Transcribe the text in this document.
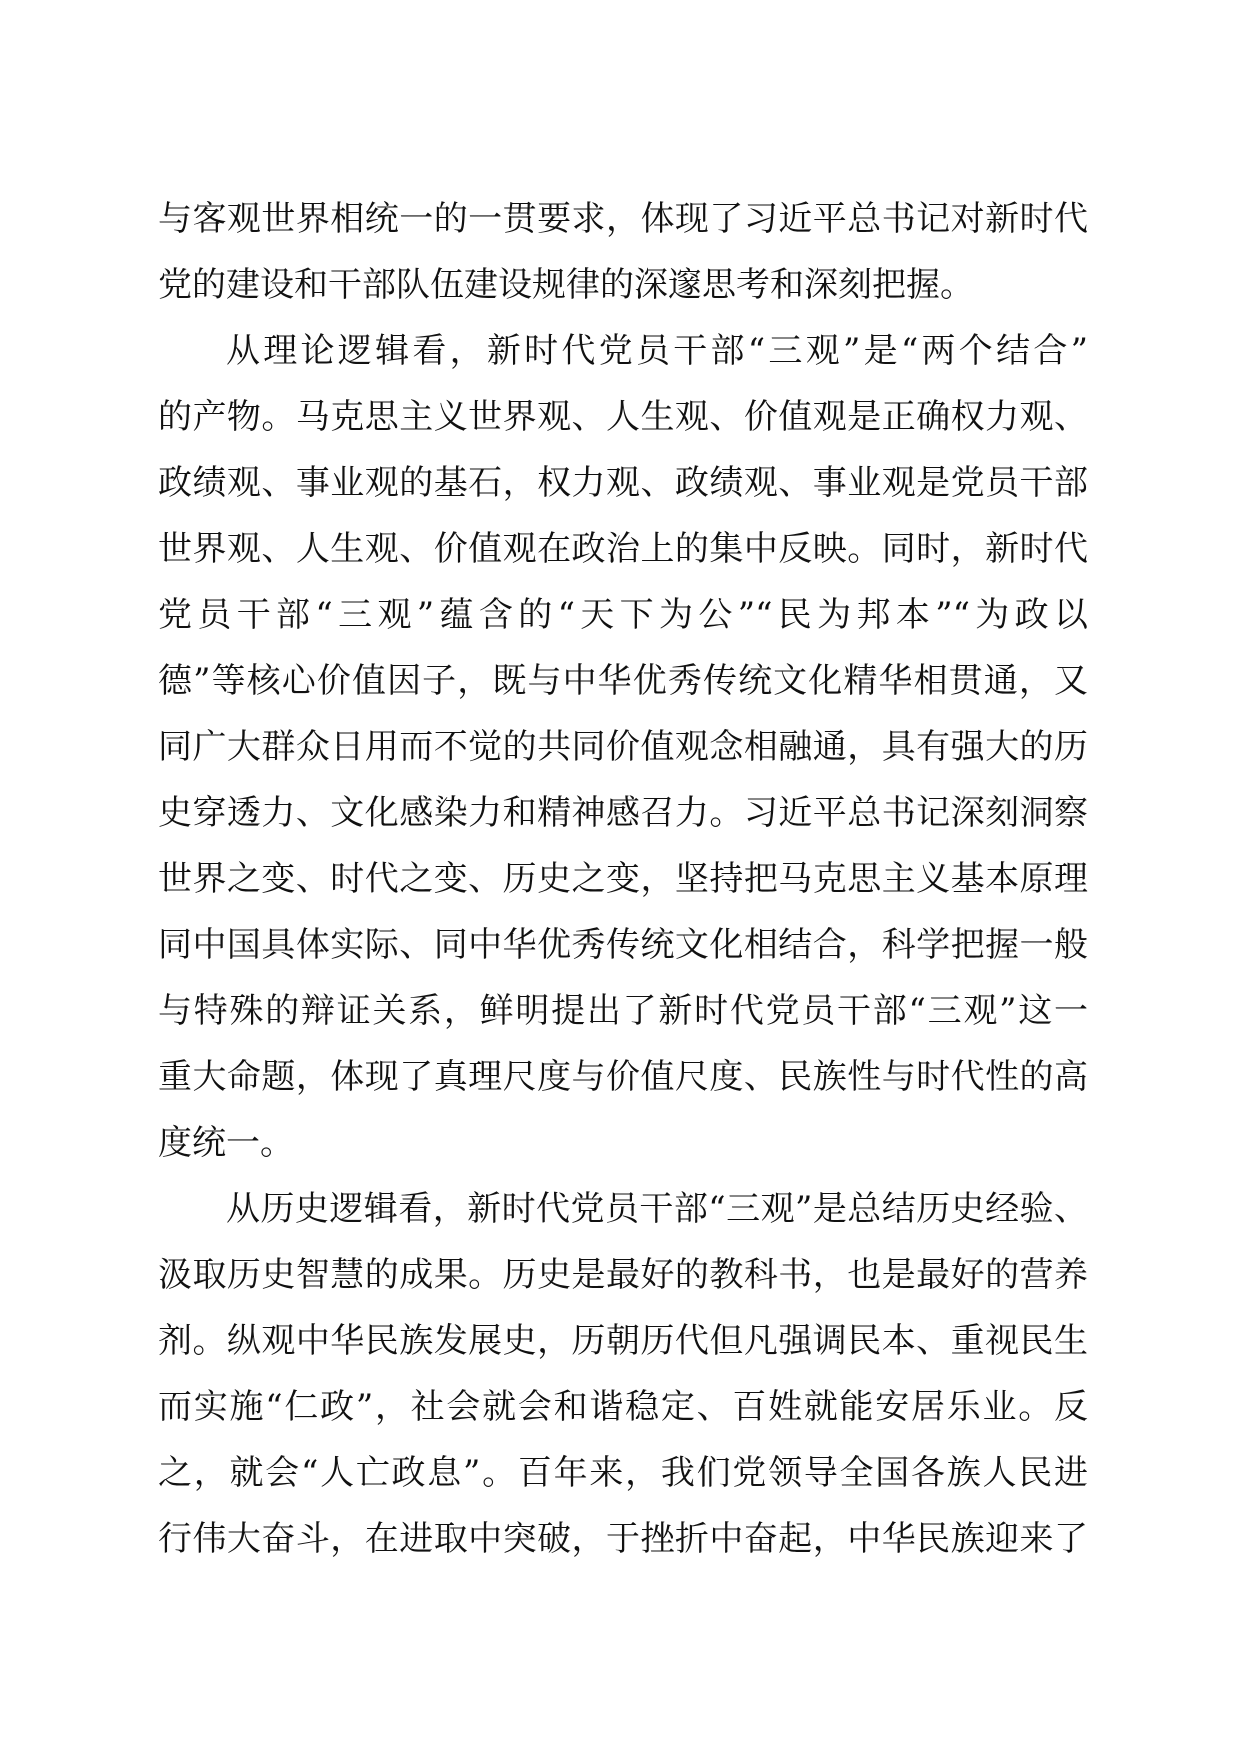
与客观世界相统一的一贯要求，体现了习近平总书记对新时代
党的建设和干部队伍建设规律的深邃思考和深刻把握。
从理论逻辑看，新时代党员干部“三观”是“两个结合”
的产物。马克思主义世界观、人生观、价值观是正确权力观、
政绩观、事业观的基石，权力观、政绩观、事业观是党员干部
世界观、人生观、价值观在政治上的集中反映。同时，新时代
党员干部“三观”蕴含的“天下为公”“民为邦本”“为政以
德”等核心价值因子，既与中华优秀传统文化精华相贯通，又
同广大群众日用而不觉的共同价值观念相融通，具有强大的历
史穿透力、文化感染力和精神感召力。习近平总书记深刻洞察
世界之变、时代之变、历史之变，坚持把马克思主义基本原理
同中国具体实际、同中华优秀传统文化相结合，科学把握一般
与特殊的辩证关系，鲜明提出了新时代党员干部“三观”这一
重大命题，体现了真理尺度与价值尺度、民族性与时代性的高
度统一。
从历史逻辑看，新时代党员干部“三观”是总结历史经验、
汲取历史智慧的成果。历史是最好的教科书，也是最好的营养
剂。纵观中华民族发展史，历朝历代但凡强调民本、重视民生
而实施“仁政”，社会就会和谐稳定、百姓就能安居乐业。反
之，就会“人亡政息”。百年来，我们党领导全国各族人民进
行伟大奋斗，在进取中突破，于挫折中奋起，中华民族迎来了
